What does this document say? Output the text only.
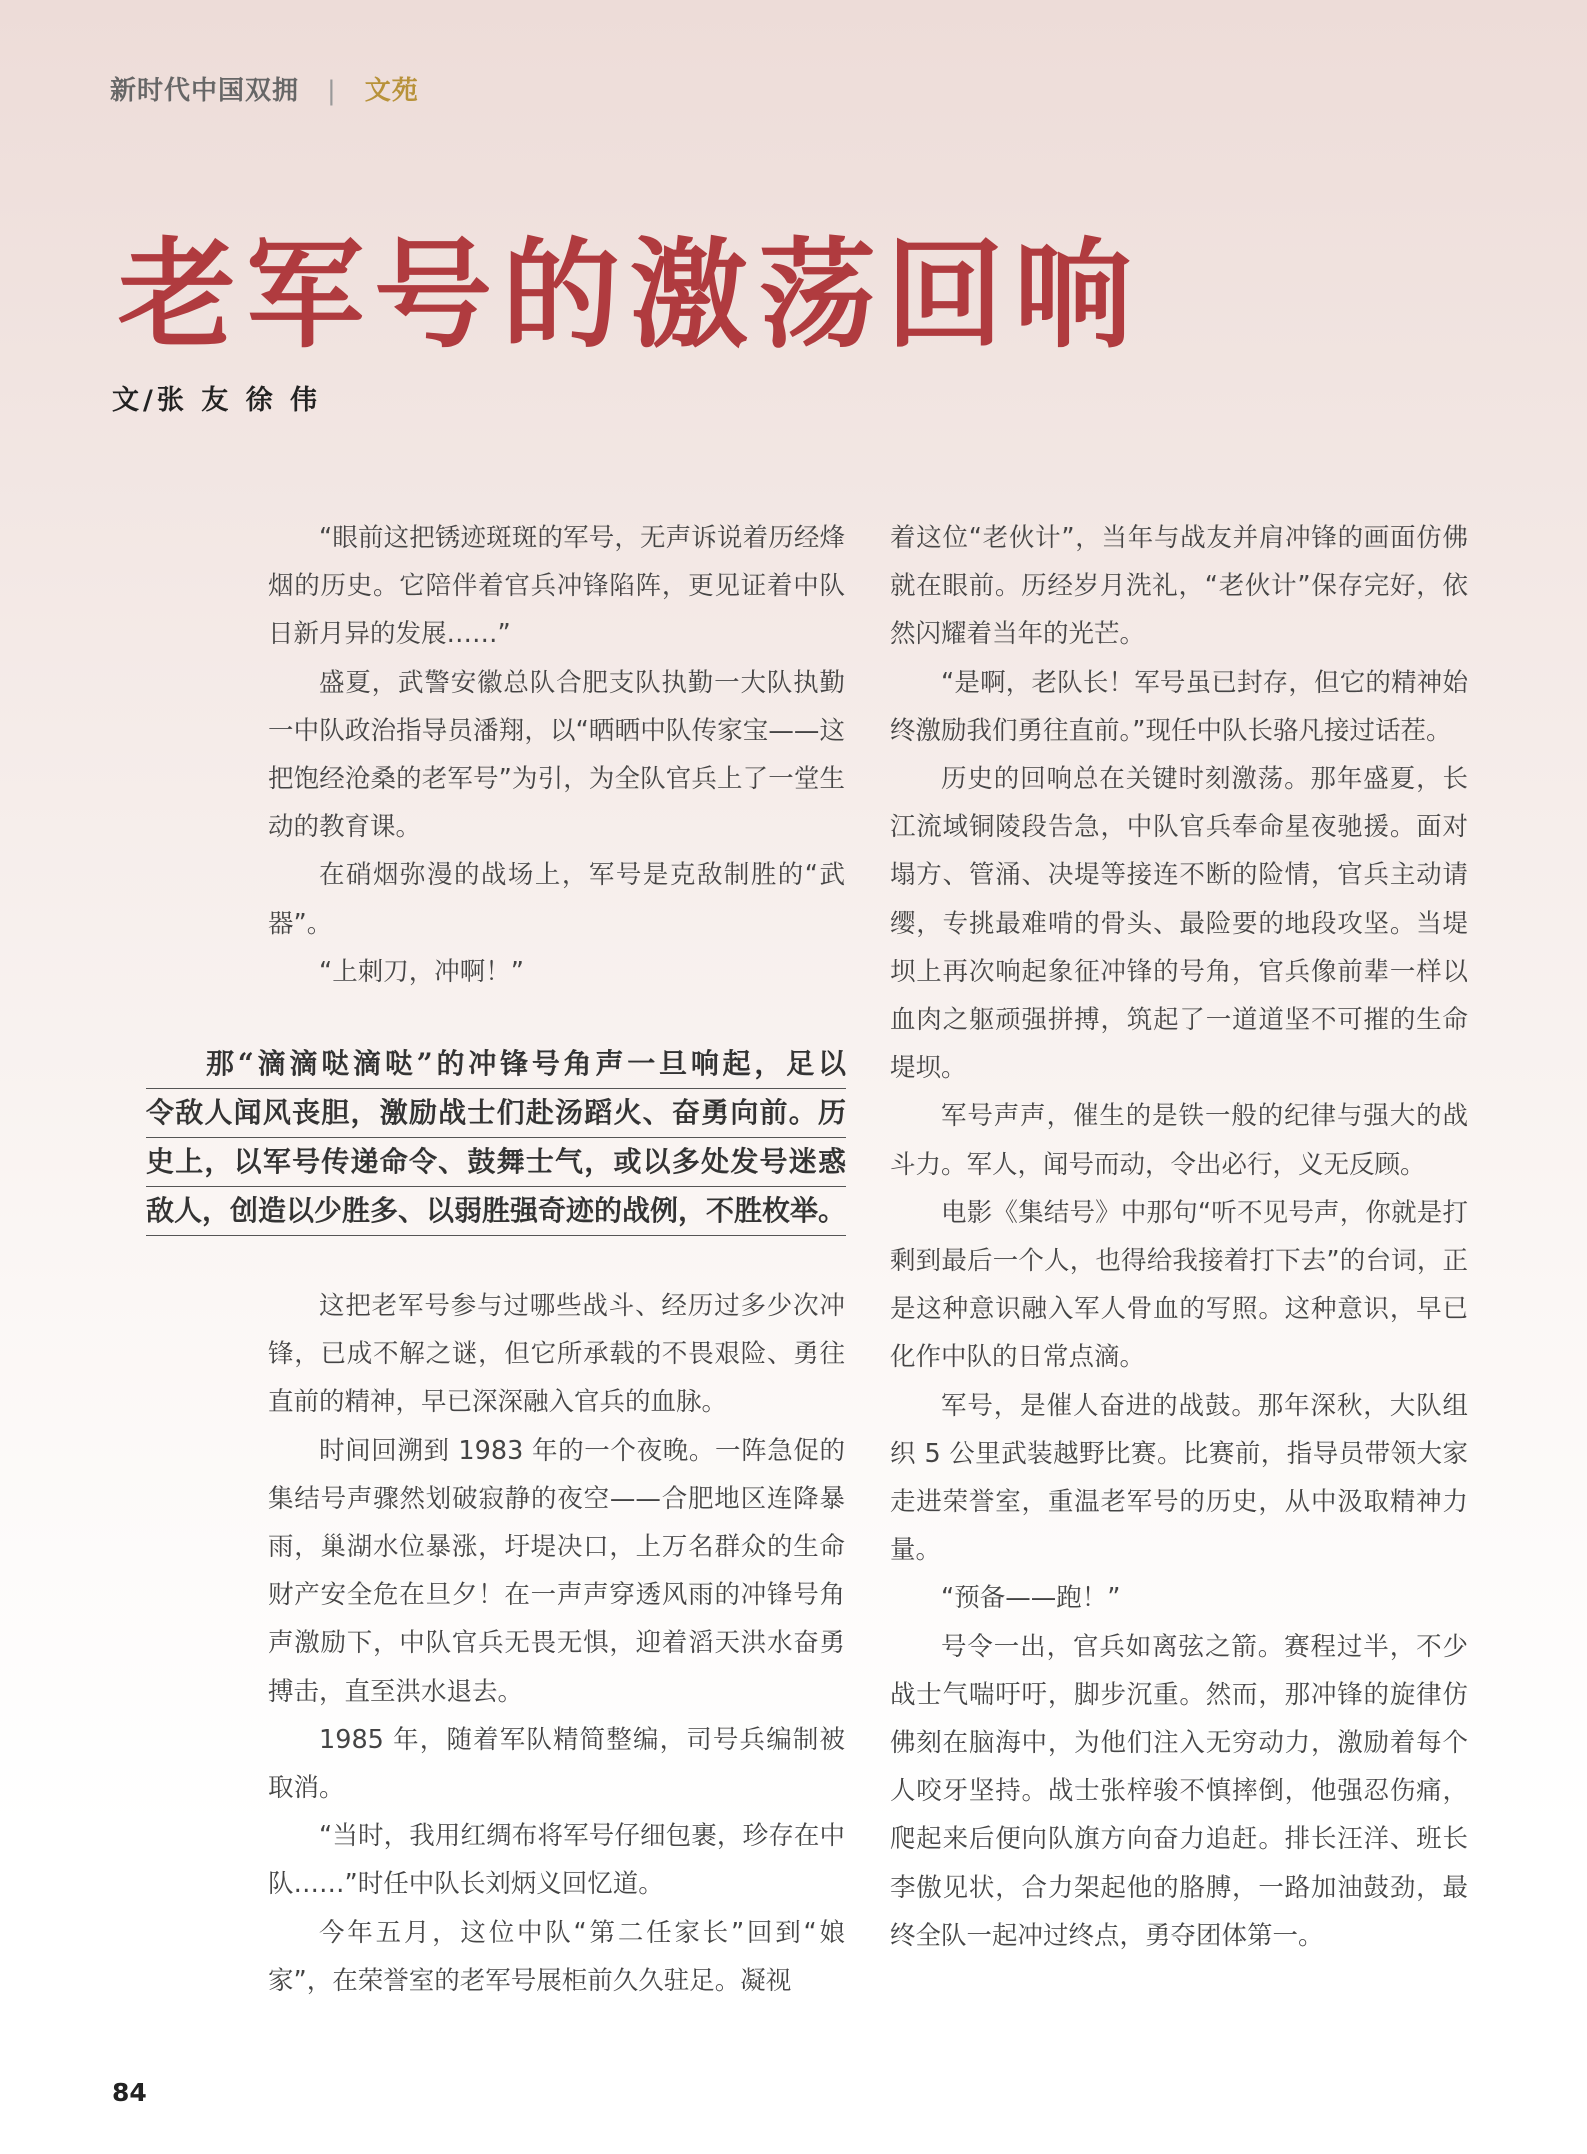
新时代中国双拥 | 文苑
老军号的激荡回响
文/张 友 徐 伟

“眼前这把锈迹斑斑的军号，无声诉说着历经烽烟的历史。它陪伴着官兵冲锋陷阵，更见证着中队日新月异的发展……”

盛夏，武警安徽总队合肥支队执勤一大队执勤一中队政治指导员潘翔，以“晒晒中队传家宝——这把饱经沧桑的老军号”为引，为全队官兵上了一堂生动的教育课。

在硝烟弥漫的战场上，军号是克敌制胜的“武器”。

“上刺刀，冲啊！”

那“滴滴哒滴哒”的冲锋号角声一旦响起，足以
令敌人闻风丧胆，激励战士们赴汤蹈火、奋勇向前。历
史上，以军号传递命令、鼓舞士气，或以多处发号迷惑
敌人，创造以少胜多、以弱胜强奇迹的战例，不胜枚举。

这把老军号参与过哪些战斗、经历过多少次冲锋，已成不解之谜，但它所承载的不畏艰险、勇往直前的精神，早已深深融入官兵的血脉。

时间回溯到 1983 年的一个夜晚。一阵急促的集结号声骤然划破寂静的夜空——合肥地区连降暴雨，巢湖水位暴涨，圩堤决口，上万名群众的生命财产安全危在旦夕！在一声声穿透风雨的冲锋号角声激励下，中队官兵无畏无惧，迎着滔天洪水奋勇搏击，直至洪水退去。

1985 年，随着军队精简整编，司号兵编制被取消。

“当时，我用红绸布将军号仔细包裹，珍存在中队……”时任中队长刘炳义回忆道。

今年五月，这位中队“第二任家长”回到“娘家”，在荣誉室的老军号展柜前久久驻足。凝视

着这位“老伙计”，当年与战友并肩冲锋的画面仿佛就在眼前。历经岁月洗礼，“老伙计”保存完好，依然闪耀着当年的光芒。

“是啊，老队长！军号虽已封存，但它的精神始终激励我们勇往直前。”现任中队长骆凡接过话茬。

历史的回响总在关键时刻激荡。那年盛夏，长江流域铜陵段告急，中队官兵奉命星夜驰援。面对塌方、管涌、决堤等接连不断的险情，官兵主动请缨，专挑最难啃的骨头、最险要的地段攻坚。当堤坝上再次响起象征冲锋的号角，官兵像前辈一样以血肉之躯顽强拼搏，筑起了一道道坚不可摧的生命堤坝。

军号声声，催生的是铁一般的纪律与强大的战斗力。军人，闻号而动，令出必行，义无反顾。

电影《集结号》中那句“听不见号声，你就是打剩到最后一个人，也得给我接着打下去”的台词，正是这种意识融入军人骨血的写照。这种意识，早已化作中队的日常点滴。

军号，是催人奋进的战鼓。那年深秋，大队组织 5 公里武装越野比赛。比赛前，指导员带领大家走进荣誉室，重温老军号的历史，从中汲取精神力量。

“预备——跑！”

号令一出，官兵如离弦之箭。赛程过半，不少战士气喘吁吁，脚步沉重。然而，那冲锋的旋律仿佛刻在脑海中，为他们注入无穷动力，激励着每个人咬牙坚持。战士张梓骏不慎摔倒，他强忍伤痛，爬起来后便向队旗方向奋力追赶。排长汪洋、班长李傲见状，合力架起他的胳膊，一路加油鼓劲，最终全队一起冲过终点，勇夺团体第一。

84
